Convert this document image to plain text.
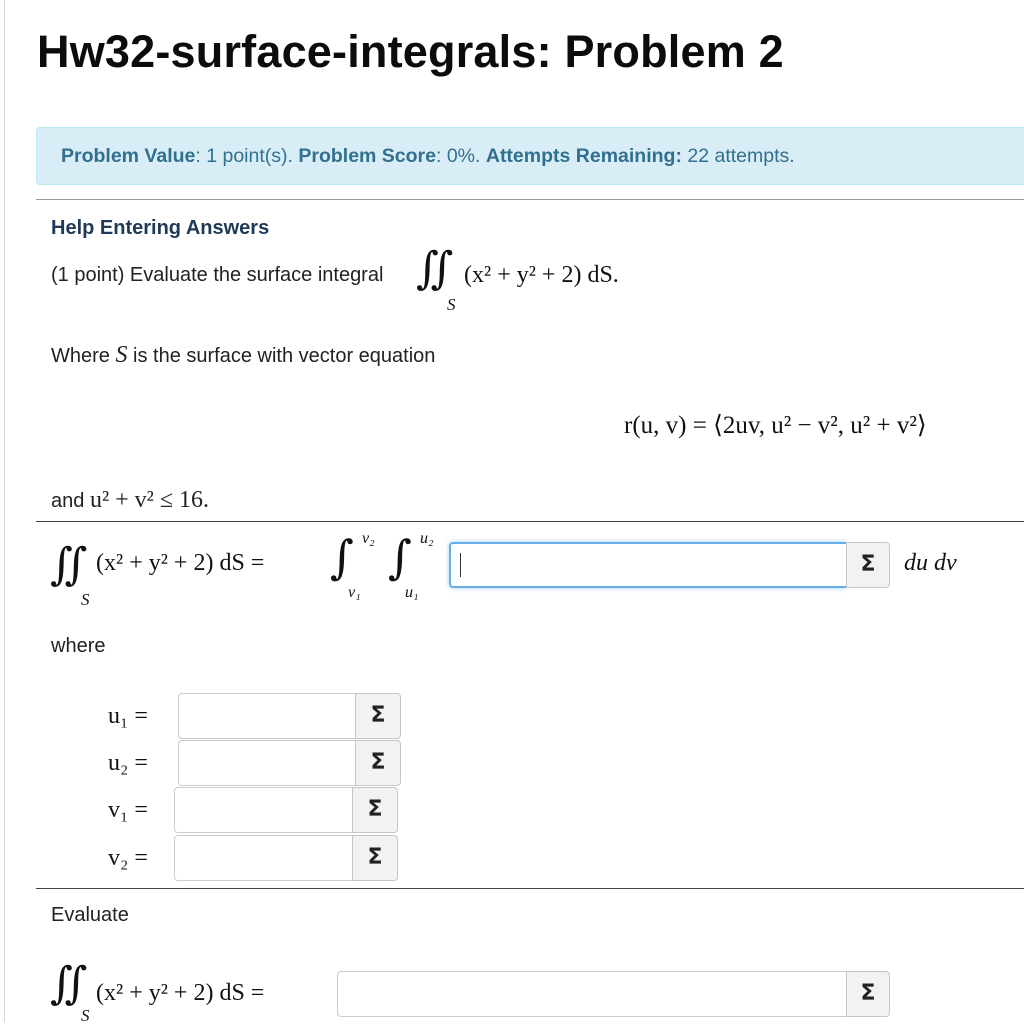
Hw32-surface-integrals: Problem 2
Problem Value: 1 point(s). Problem Score: 0%. Attempts Remaining: 22 attempts.
Help Entering Answers
(1 point) Evaluate the surface integral ∬
S
(x² + y² + 2) dS.
Where S is the surface with vector equation
r(u, v) = ⟨2uv, u² − v², u² + v²⟩
and u² + v² ≤ 16.
∬
S
(x² + y² + 2) dS = ∫ v₂
v₁
∫ u₂
u₁
Σ	du dv
where
u₁ =	Σ
u₂ =	Σ
v₁ =	Σ
v₂ =	Σ
Evaluate
∬
S
(x² + y² + 2) dS =	Σ
